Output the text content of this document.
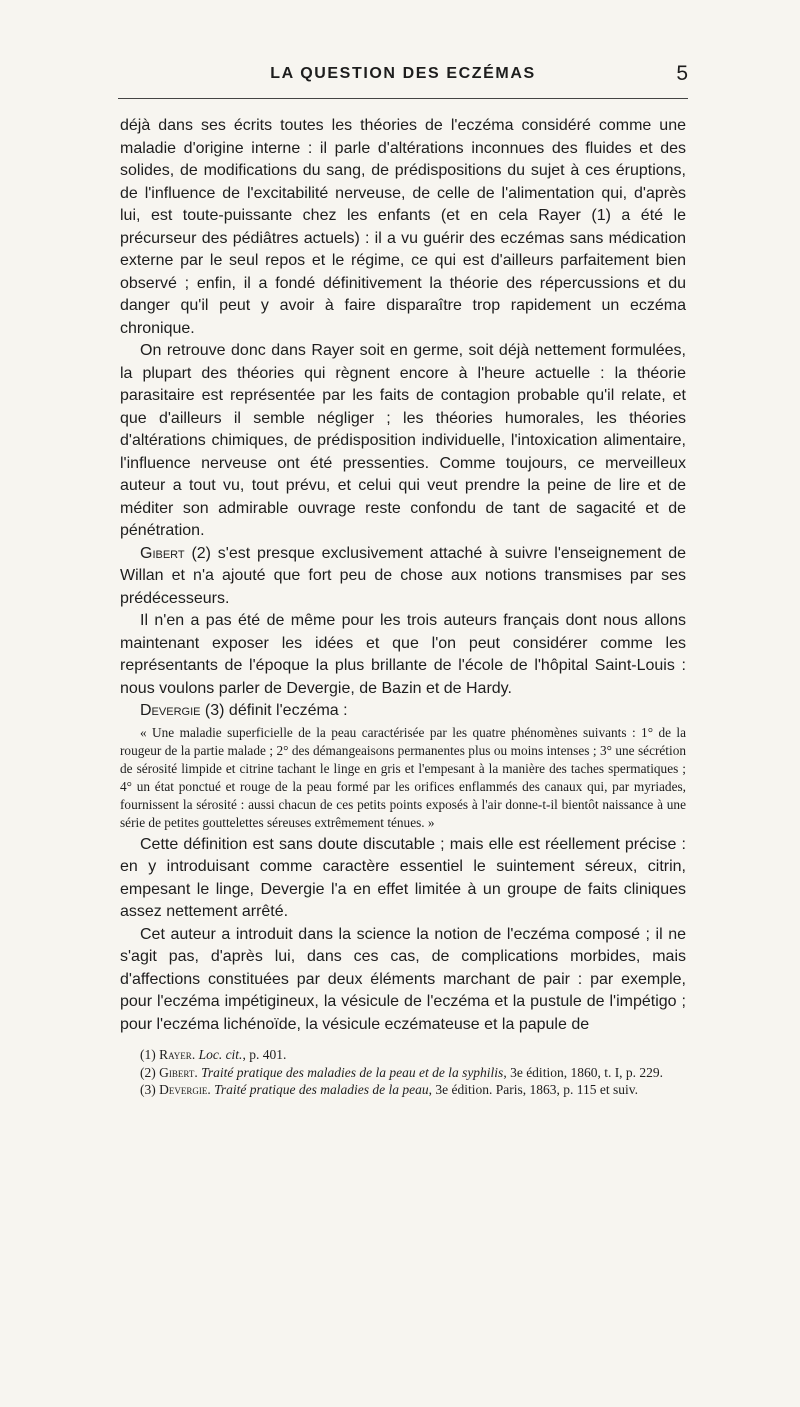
LA QUESTION DES ECZÉMAS	5

déjà dans ses écrits toutes les théories de l'eczéma considéré comme une maladie d'origine interne : il parle d'altérations inconnues des fluides et des solides, de modifications du sang, de prédispositions du sujet à ces éruptions, de l'influence de l'excitabilité nerveuse, de celle de l'alimentation qui, d'après lui, est toute-puissante chez les enfants (et en cela Rayer (1) a été le précurseur des pédiâtres actuels) : il a vu guérir des eczémas sans médication externe par le seul repos et le régime, ce qui est d'ailleurs parfaitement bien observé ; enfin, il a fondé définitivement la théorie des répercussions et du danger qu'il peut y avoir à faire disparaître trop rapidement un eczéma chronique.

On retrouve donc dans Rayer soit en germe, soit déjà nettement formulées, la plupart des théories qui règnent encore à l'heure actuelle : la théorie parasitaire est représentée par les faits de contagion probable qu'il relate, et que d'ailleurs il semble négliger ; les théories humorales, les théories d'altérations chimiques, de prédisposition individuelle, l'intoxication alimentaire, l'influence nerveuse ont été pressenties. Comme toujours, ce merveilleux auteur a tout vu, tout prévu, et celui qui veut prendre la peine de lire et de méditer son admirable ouvrage reste confondu de tant de sagacité et de pénétration.

Gibert (2) s'est presque exclusivement attaché à suivre l'enseignement de Willan et n'a ajouté que fort peu de chose aux notions transmises par ses prédécesseurs.

Il n'en a pas été de même pour les trois auteurs français dont nous allons maintenant exposer les idées et que l'on peut considérer comme les représentants de l'époque la plus brillante de l'école de l'hôpital Saint-Louis : nous voulons parler de Devergie, de Bazin et de Hardy.

Devergie (3) définit l'eczéma :

« Une maladie superficielle de la peau caractérisée par les quatre phénomènes suivants : 1° de la rougeur de la partie malade ; 2° des démangeaisons permanentes plus ou moins intenses ; 3° une sécrétion de sérosité limpide et citrine tachant le linge en gris et l'empesant à la manière des taches spermatiques ; 4° un état ponctué et rouge de la peau formé par les orifices enflammés des canaux qui, par myriades, fournissent la sérosité : aussi chacun de ces petits points exposés à l'air donne-t-il bientôt naissance à une série de petites gouttelettes séreuses extrêmement ténues. »

Cette définition est sans doute discutable ; mais elle est réellement précise : en y introduisant comme caractère essentiel le suintement séreux, citrin, empesant le linge, Devergie l'a en effet limitée à un groupe de faits cliniques assez nettement arrêté.

Cet auteur a introduit dans la science la notion de l'eczéma composé ; il ne s'agit pas, d'après lui, dans ces cas, de complications morbides, mais d'affections constituées par deux éléments marchant de pair : par exemple, pour l'eczéma impétigineux, la vésicule de l'eczéma et la pustule de l'impétigo ; pour l'eczéma lichénoïde, la vésicule eczémateuse et la papule de

(1) Rayer. Loc. cit., p. 401.

(2) Gibert. Traité pratique des maladies de la peau et de la syphilis, 3e édition, 1860, t. I, p. 229.

(3) Devergie. Traité pratique des maladies de la peau, 3e édition. Paris, 1863, p. 115 et suiv.
